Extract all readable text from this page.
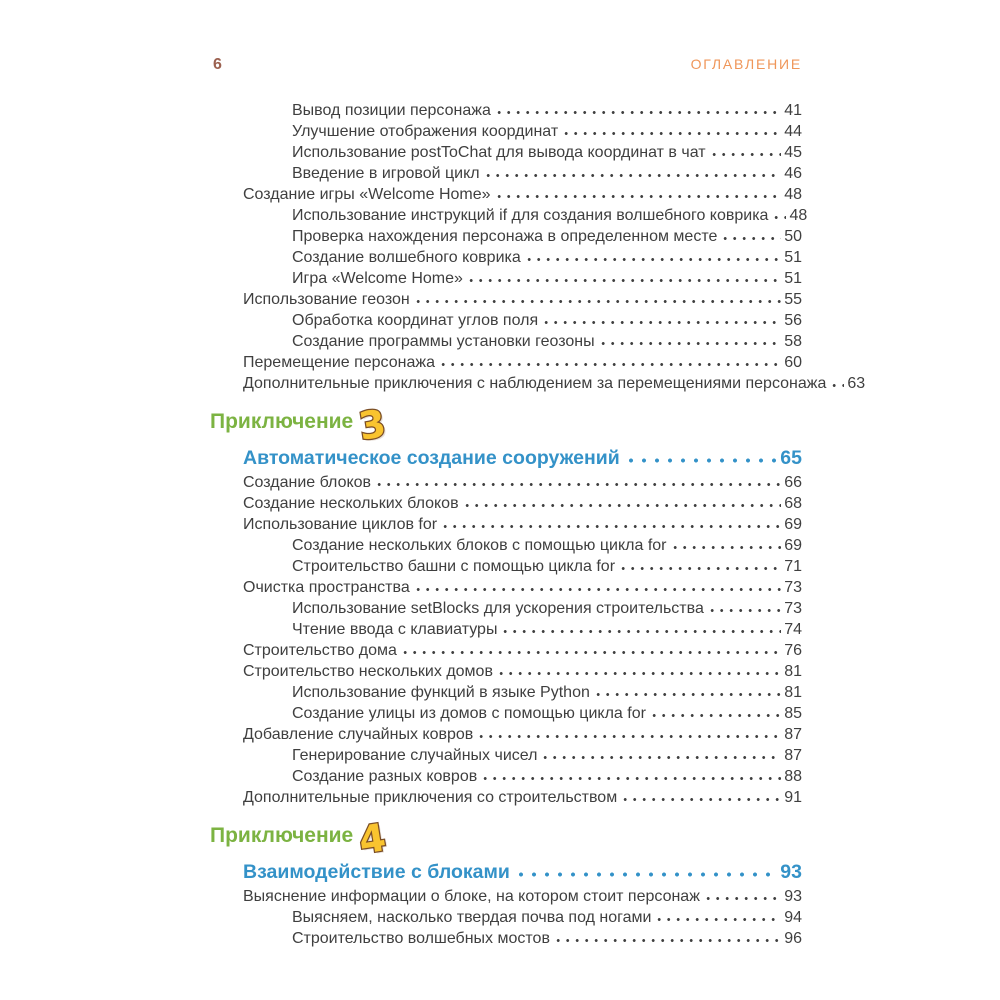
6	ОГЛАВЛЕНИЕ
Вывод позиции персонажа	41
Улучшение отображения координат	44
Использование postToChat для вывода координат в чат	45
Введение в игровой цикл	46
Создание игры «Welcome Home»	48
Использование инструкций if для создания волшебного коврика 48
Проверка нахождения персонажа в определенном месте	50
Создание волшебного коврика	51
Игра «Welcome Home»	51
Использование геозон	55
Обработка координат углов поля	56
Создание программы установки геозоны	58
Перемещение персонажа	60
Дополнительные приключения с наблюдением за перемещениями персонажа 63
Приключение3
Автоматическое создание сооружений	65
Создание блоков	66
Создание нескольких блоков	68
Использование циклов for	69
Создание нескольких блоков с помощью цикла for	69
Строительство башни с помощью цикла for	71
Очистка пространства	73
Использование setBlocks для ускорения строительства	73
Чтение ввода с клавиатуры	74
Строительство дома	76
Строительство нескольких домов	81
Использование функций в языке Python	81
Создание улицы из домов с помощью цикла for	85
Добавление случайных ковров	87
Генерирование случайных чисел	87
Создание разных ковров	88
Дополнительные приключения со строительством	91
Приключение4
Взаимодействие с блоками	93
Выяснение информации о блоке, на котором стоит персонаж	93
Выясняем, насколько твердая почва под ногами	94
Строительство волшебных мостов	96
